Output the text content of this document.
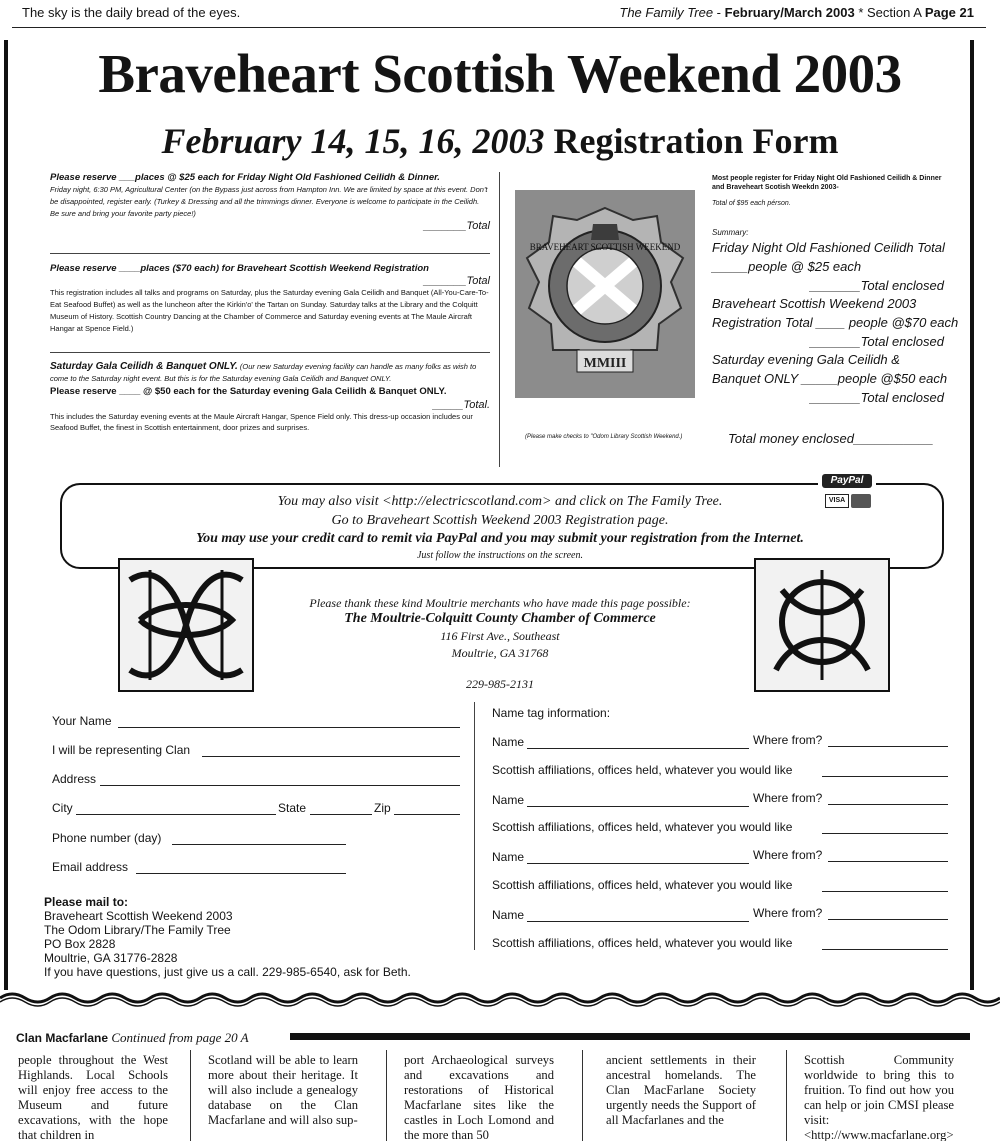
The sky is the daily bread of the eyes.	The Family Tree - February/March 2003 * Section A Page 21
Braveheart Scottish Weekend 2003
February 14, 15, 16, 2003 Registration Form
Please reserve ___places @ $25 each for Friday Night Old Fashioned Ceilidh & Dinner.
Friday night, 6:30 PM, Agricultural Center (on the Bypass just across from Hampton Inn. We are limited by space at this event. Don't be disappointed, register early. (Turkey & Dressing and all the trimmings dinner. Everyone is welcome to participate in the Ceilidh. Be sure and bring your favorite party piece!)
_______Total
Please reserve ____places ($70 each) for Braveheart Scottish Weekend Registration
_______Total
This registration includes all talks and programs on Saturday, plus the Saturday evening Gala Ceilidh and Banquet (All-You-Care-To-Eat Seafood Buffet) as well as the luncheon after the Kirkin'o' the Tartan on Sunday. Saturday talks at the Library and the Colquitt Museum of History. Scottish Country Dancing at the Chamber of Commerce and Saturday evening events at The Maule Aircraft Hangar at Spence Field.)
Saturday Gala Ceilidh & Banquet ONLY. (Our new Saturday evening facility can handle as many folks as wish to come to the Saturday night event. But this is for the Saturday evening Gala Ceilidh and Banquet ONLY.
Please reserve ____ @ $50 each for the Saturday evening Gala Ceilidh & Banquet ONLY.
_____Total.
This includes the Saturday evening events at the Maule Aircraft Hangar, Spence Field only. This dress-up occasion includes our Seafood Buffet, the finest in Scottish entertainment, door prizes and surprises.
BRAVEHEART SCOTTISH WEEKEND
MMIII
(Please make checks to "Odom Library Scottish Weekend.)
Most people register for Friday Night Old Fashioned Ceilidh & Dinner and Braveheart Scotish Weekdn 2003-
Total of $95 each pérson.
Summary:
Friday Night Old Fashioned Ceilidh Total
_____people @ $25 each
_______Total enclosed
Braveheart Scottish Weekend 2003
Registration Total ____ people @$70 each
_______Total enclosed
Saturday evening Gala Ceilidh &
Banquet ONLY _____people @$50 each
_______Total enclosed
Total money enclosed___________
You may also visit <http://electricscotland.com> and click on The Family Tree.
Go to Braveheart Scottish Weekend 2003 Registration page.
You may use your credit card to remit via PayPal and you may submit your registration from the Internet.
Just follow the instructions on the screen.
PayPal
VISA
Please thank these kind Moultrie merchants who have made this page possible:
The Moultrie-Colquitt County Chamber of Commerce
116 First Ave., Southeast
Moultrie, GA 31768
229-985-2131
Your Name
I will be representing Clan
Address
City	State	Zip
Phone number (day)
Email address
Name tag information:
Name	Where from?
Scottish affiliations, offices held, whatever you would like
Name	Where from?
Scottish affiliations, offices held, whatever you would like
Name	Where from?
Scottish affiliations, offices held, whatever you would like
Name	Where from?
Scottish affiliations, offices held, whatever you would like
Please mail to:
Braveheart Scottish Weekend 2003
The Odom Library/The Family Tree
PO Box 2828
Moultrie, GA 31776-2828
If you have questions, just give us a call. 229-985-6540, ask for Beth.
Clan Macfarlane Continued from page 20 A
people throughout the West Highlands. Local Schools will enjoy free access to the Museum and future excavations, with the hope that children in
Scotland will be able to learn more about their heritage. It will also include a genealogy database on the Clan Macfarlane and will also sup-
port Archaeological surveys and excavations and restorations of Historical Macfarlane sites like the castles in Loch Lomond and the more than 50
ancient settlements in their ancestral homelands. The Clan MacFarlane Society urgently needs the Support of all Macfarlanes and the
Scottish Community worldwide to bring this to fruition. To find out how you can help or join CMSI please visit: <http://www.macfarlane.org>
